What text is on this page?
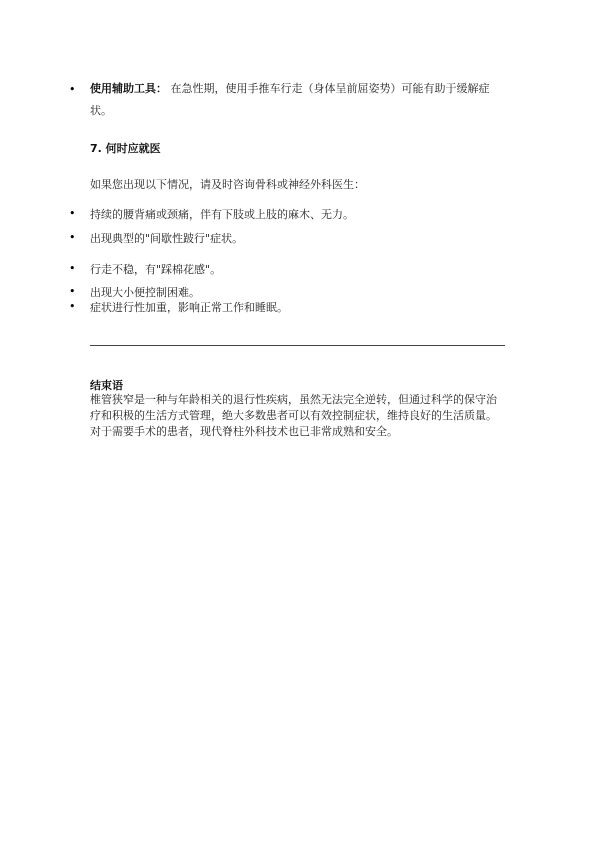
• 使用辅助工具： 在急性期，使用手推车行走（身体呈前屈姿势）可能有助于缓解症状。
7. 何时应就医
如果您出现以下情况，请及时咨询骨科或神经外科医生：
• 持续的腰背痛或颈痛，伴有下肢或上肢的麻木、无力。
• 出现典型的"间歇性跛行"症状。
• 行走不稳，有"踩棉花感"。
• 出现大小便控制困难。
• 症状进行性加重，影响正常工作和睡眠。
结束语
椎管狭窄是一种与年龄相关的退行性疾病，虽然无法完全逆转，但通过科学的保守治疗和积极的生活方式管理，绝大多数患者可以有效控制症状，维持良好的生活质量。对于需要手术的患者，现代脊柱外科技术也已非常成熟和安全。
